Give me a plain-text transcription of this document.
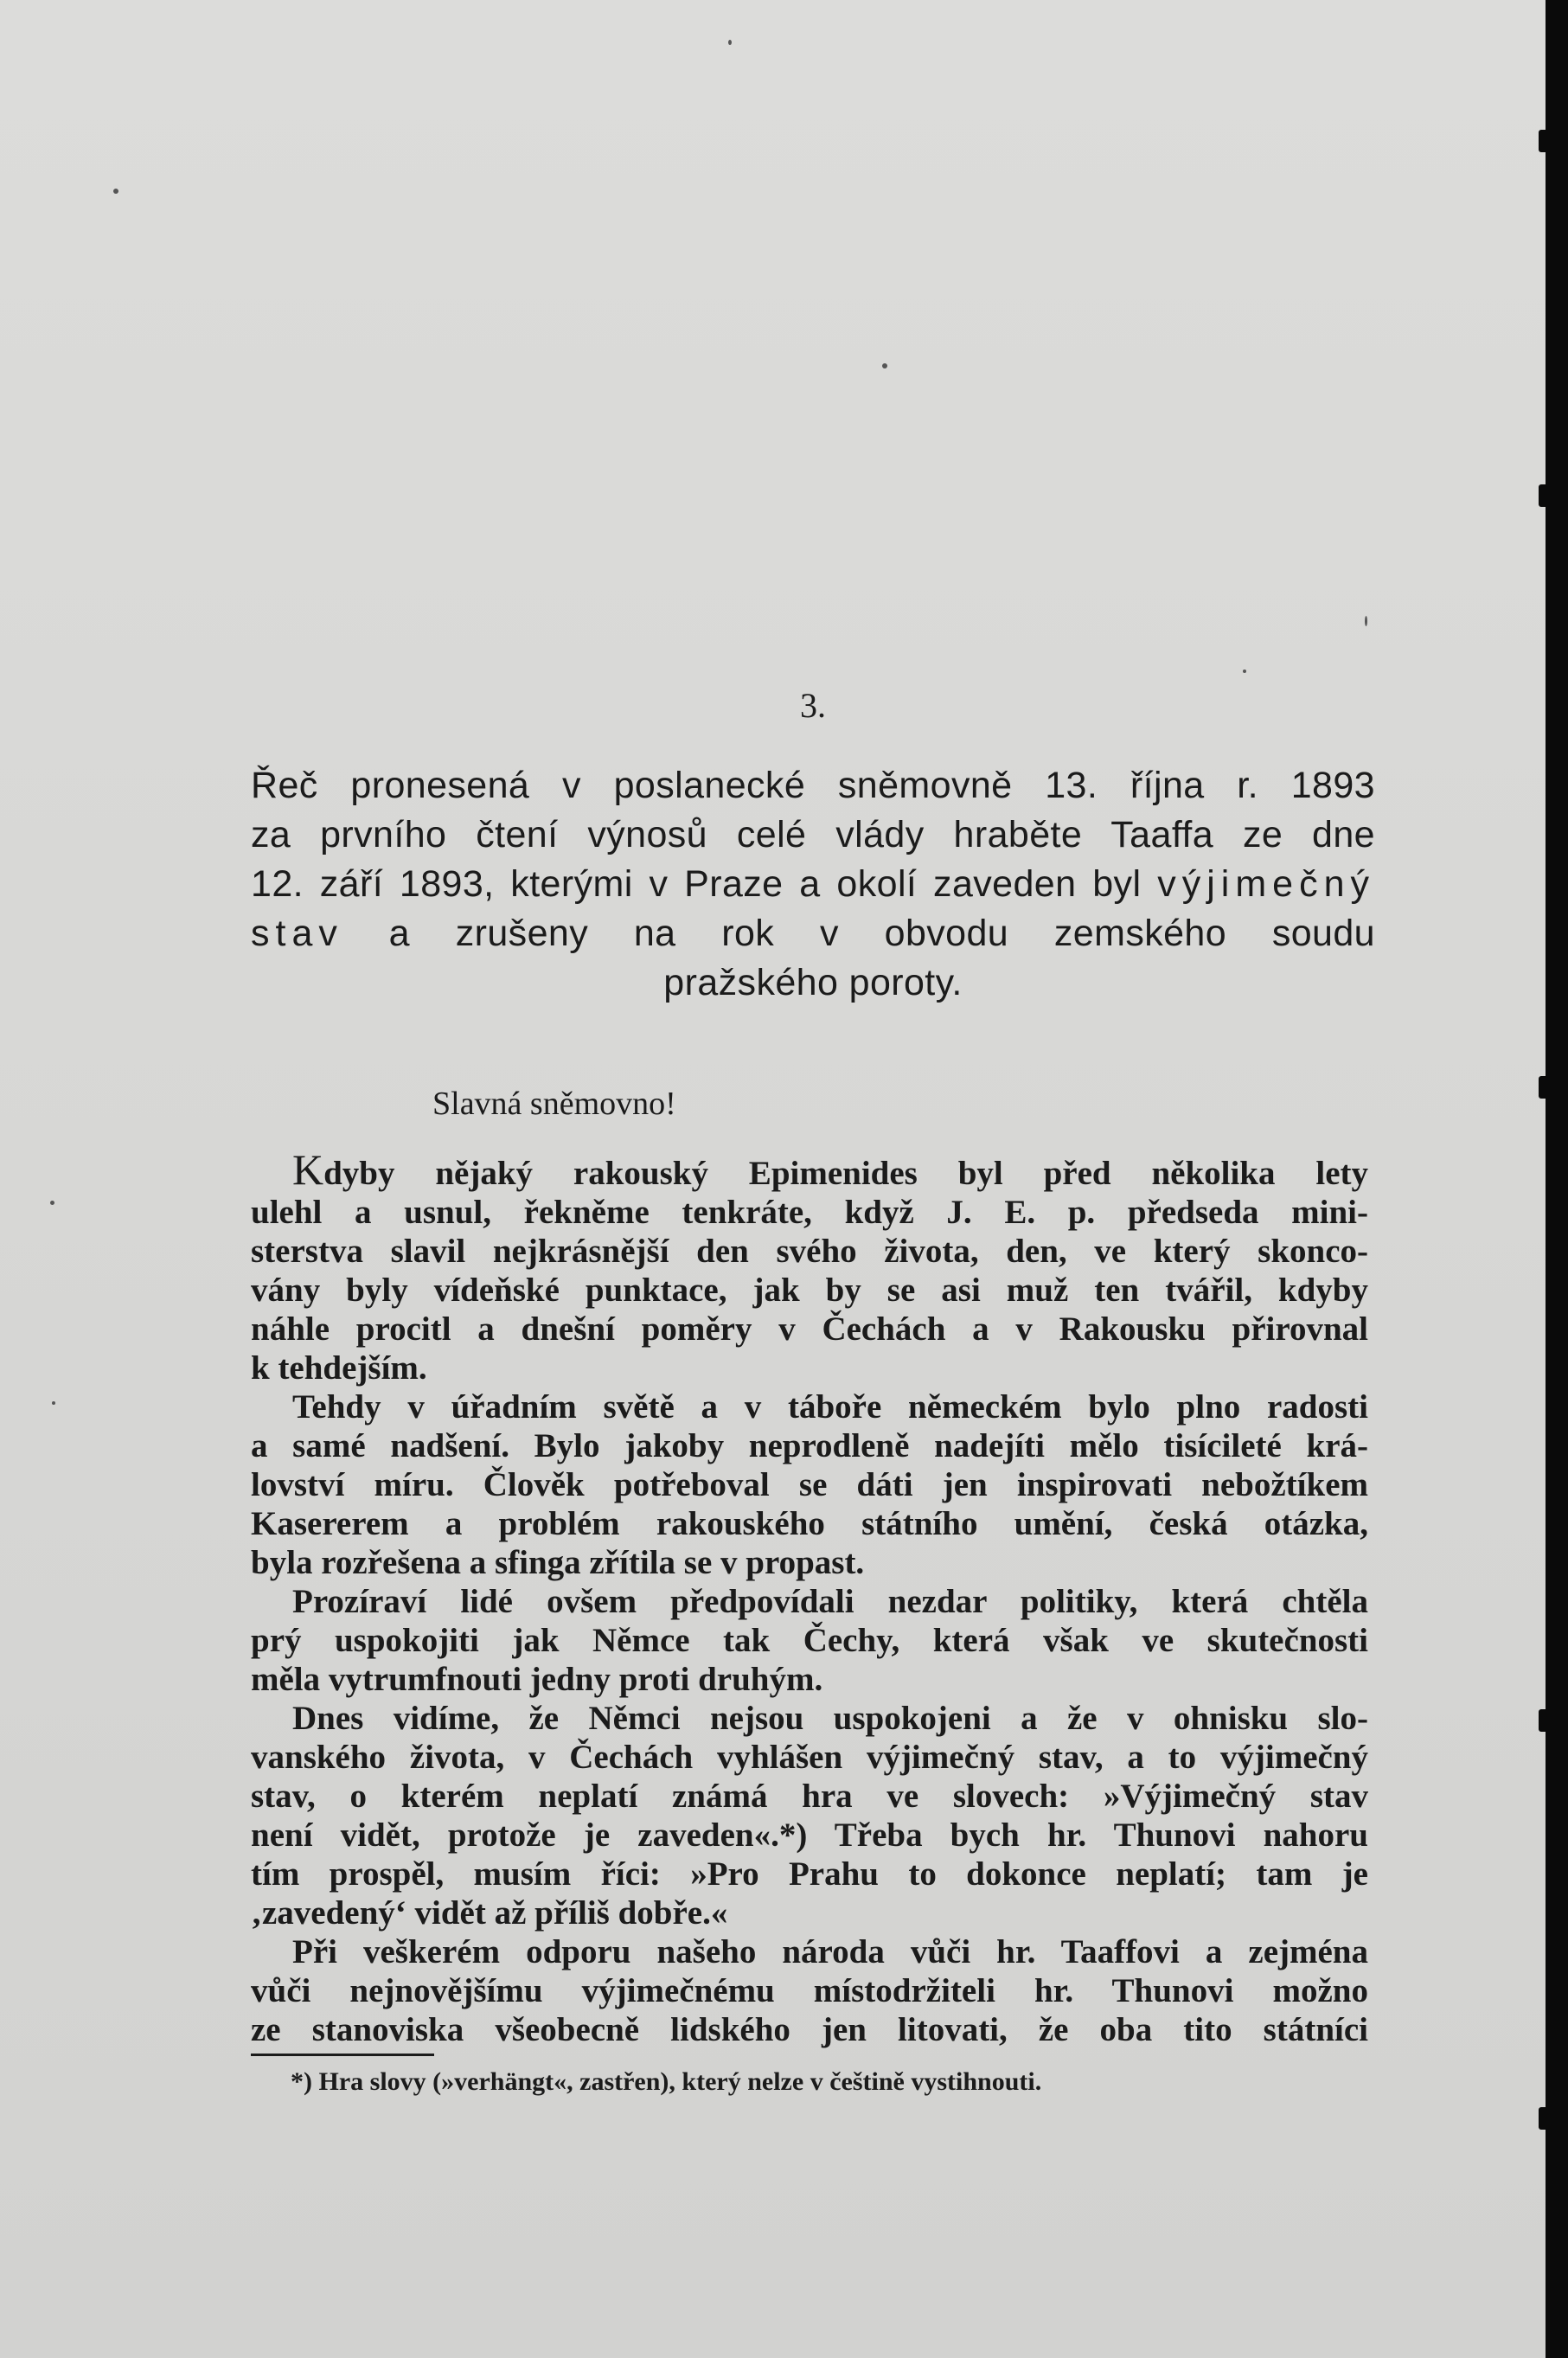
3.
Řeč pronesená v poslanecké sněmovně 13. října r. 1893
za prvního čtení výnosů celé vlády hraběte Taaffa ze dne
12. září 1893, kterými v Praze a okolí zaveden byl výjimečný
stav a zrušeny na rok v obvodu zemského soudu
pražského poroty.
Slavná sněmovno!

Kdyby nějaký rakouský Epimenides byl před několika lety
ulehl a usnul, řekněme tenkráte, když J. E. p. předseda mini-
sterstva slavil nejkrásnější den svého života, den, ve který skonco-
vány byly vídeňské punktace, jak by se asi muž ten tvářil, kdyby
náhle procitl a dnešní poměry v Čechách a v Rakousku přirovnal
k tehdejším.

Tehdy v úřadním světě a v táboře německém bylo plno radosti
a samé nadšení. Bylo jakoby neprodleně nadejíti mělo tisícileté krá-
lovství míru. Člověk potřeboval se dáti jen inspirovati nebožtíkem
Kasererem a problém rakouského státního umění, česká otázka,
byla rozřešena a sfinga zřítila se v propast.

Prozíraví lidé ovšem předpovídali nezdar politiky, která chtěla
prý uspokojiti jak Němce tak Čechy, která však ve skutečnosti
měla vytrumfnouti jedny proti druhým.

Dnes vidíme, že Němci nejsou uspokojeni a že v ohnisku slo-
vanského života, v Čechách vyhlášen výjimečný stav, a to výjimečný
stav, o kterém neplatí známá hra ve slovech: »Výjimečný stav
není vidět, protože je zaveden«.*) Třeba bych hr. Thunovi nahoru
tím prospěl, musím říci: »Pro Prahu to dokonce neplatí; tam je
‚zavedený‘ vidět až příliš dobře.«

Při veškerém odporu našeho národa vůči hr. Taaffovi a zejména
vůči nejnovějšímu výjimečnému místodržiteli hr. Thunovi možno
ze stanoviska všeobecně lidského jen litovati, že oba tito státníci

*) Hra slovy (»verhängt«, zastřen), který nelze v češtině vystihnouti.
